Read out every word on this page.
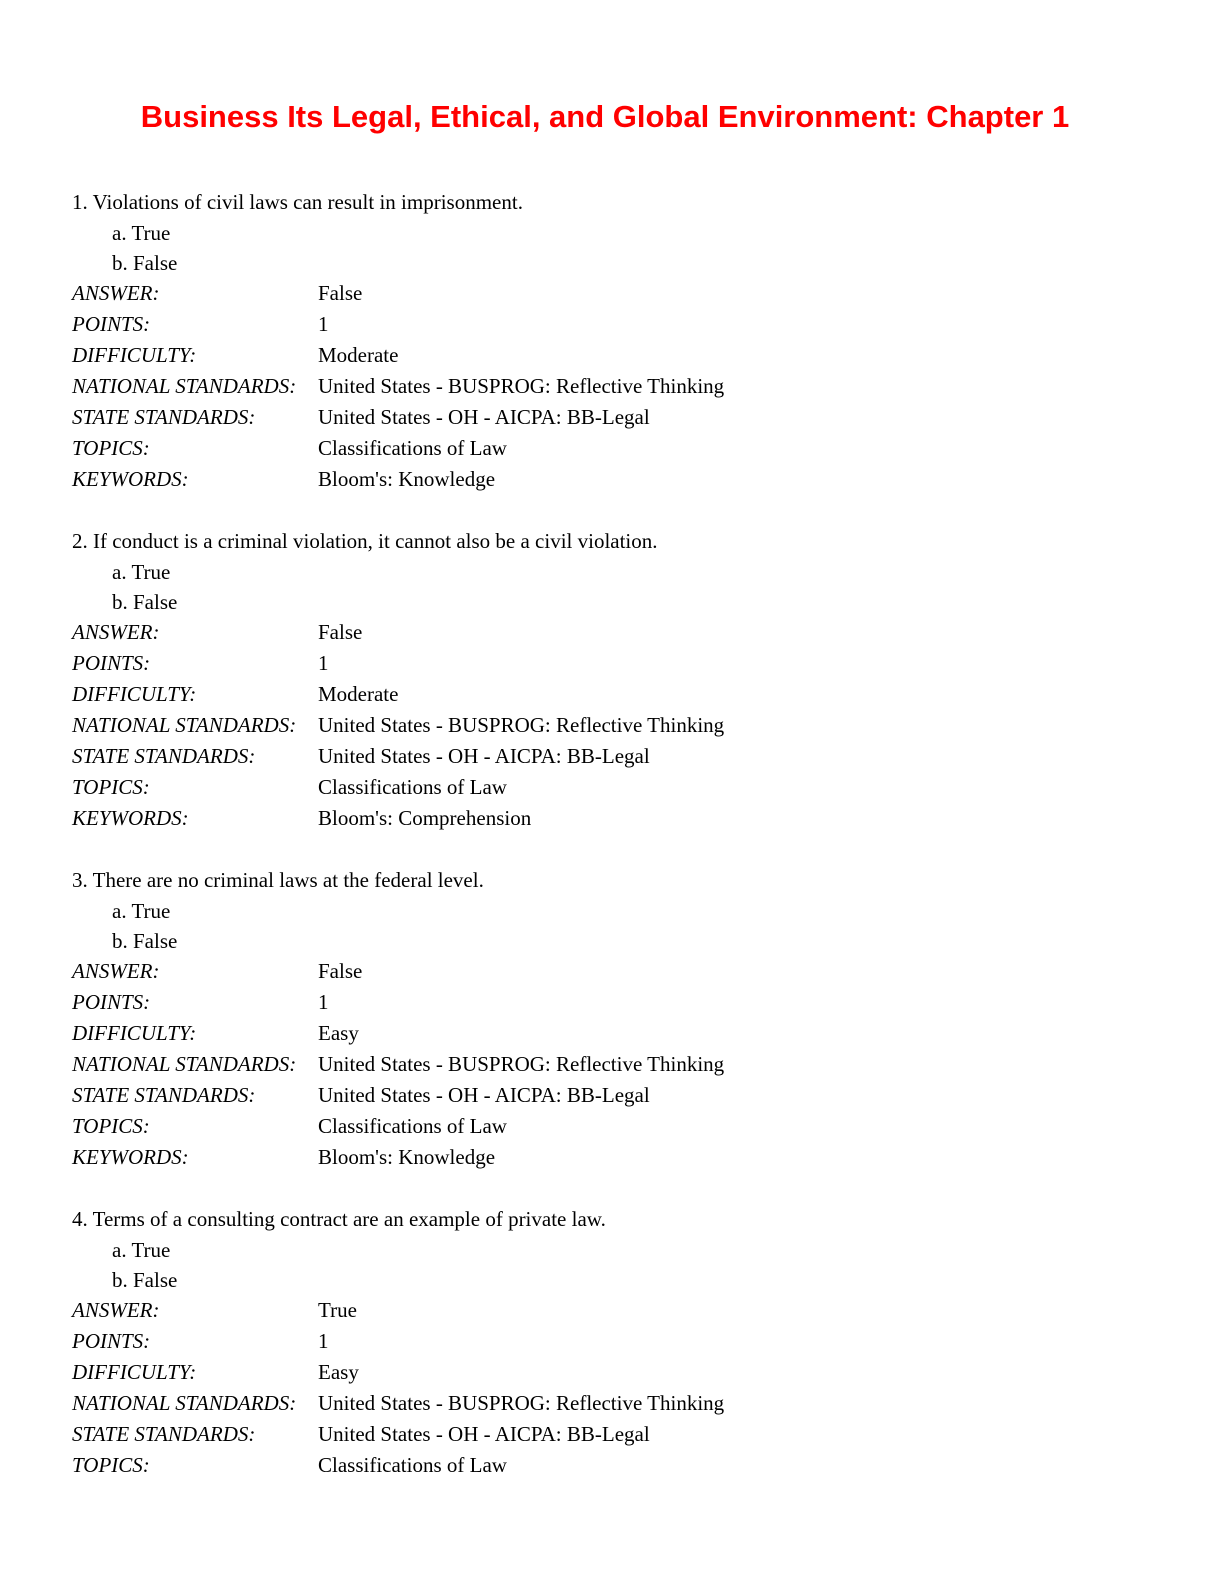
Business Its Legal, Ethical, and Global Environment: Chapter 1
1. Violations of civil laws can result in imprisonment.
a. True
b. False
ANSWER:	False
POINTS:	1
DIFFICULTY:	Moderate
NATIONAL STANDARDS:	United States - BUSPROG: Reflective Thinking
STATE STANDARDS:	United States - OH - AICPA: BB-Legal
TOPICS:	Classifications of Law
KEYWORDS:	Bloom's: Knowledge
2. If conduct is a criminal violation, it cannot also be a civil violation.
a. True
b. False
ANSWER:	False
POINTS:	1
DIFFICULTY:	Moderate
NATIONAL STANDARDS:	United States - BUSPROG: Reflective Thinking
STATE STANDARDS:	United States - OH - AICPA: BB-Legal
TOPICS:	Classifications of Law
KEYWORDS:	Bloom's: Comprehension
3. There are no criminal laws at the federal level.
a. True
b. False
ANSWER:	False
POINTS:	1
DIFFICULTY:	Easy
NATIONAL STANDARDS:	United States - BUSPROG: Reflective Thinking
STATE STANDARDS:	United States - OH - AICPA: BB-Legal
TOPICS:	Classifications of Law
KEYWORDS:	Bloom's: Knowledge
4. Terms of a consulting contract are an example of private law.
a. True
b. False
ANSWER:	True
POINTS:	1
DIFFICULTY:	Easy
NATIONAL STANDARDS:	United States - BUSPROG: Reflective Thinking
STATE STANDARDS:	United States - OH - AICPA: BB-Legal
TOPICS:	Classifications of Law
